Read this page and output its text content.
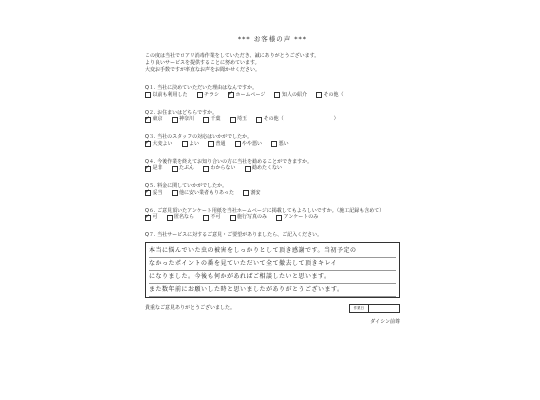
*** お客様の声 ***
この度は当社でロアリ消毒作業をしていただき、誠にありがとうございます。
より良いサービスを提供することに努めています。
大変お手数ですが率直なお声をお聞かせください。
Q１. 当社に決めていただいた理由はなんですか。
以前も利用した	チラシ
✓	ホームページ	知人の紹介	その他（
Q２. お住まいはどちらですか。
✓
東京	神奈川	千葉	埼玉	その他（　　　　　　　　　　）
Q３. 当社のスタッフの対応はいかがでしたか。
✓
大変よい	よい	普通	やや悪い	悪い
Q４. 今後作業を終えてお知り合いの方に当社を勧めることができますか。
✓
是非	たぶん	わからない	勧めたくない
Q５. 料金に関していかがでしたか。
✓
妥当	他に安い業者もりあった	割安
Q６. ご意見頂いたアンケート用紙を当社ホームページに掲載してもよろしいですか。（施工記録も含めて）
✓
可	匿名なら	不可	施行写真のみ	アンケートのみ
Q７. 当社サービスに対するご意見・ご要望がありましたら、ご記入ください。
本当に悩んでいた虫の被害をしっかりとして頂き感謝です。当初予定の
なかったポイントの番を見ていただいて全て撤去して頂きキレイ
になりました。今後も何かがあればご相談したいと思います。
また数年前にお願いした時と思いましたがありがとうございます。
貴重なご意見ありがとうございました。	作業日
ダイシン前尊
